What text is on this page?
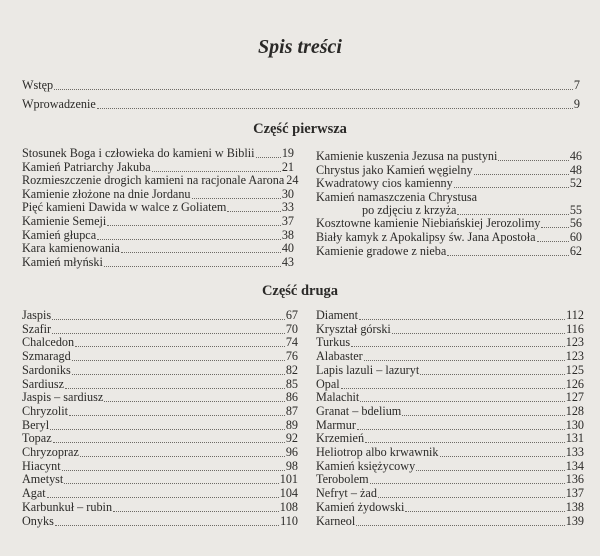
Spis treści
Wstęp	7
Wprowadzenie	9
Część pierwsza
Stosunek Boga i człowieka do kamieni w Biblii 19
Kamień Patriarchy Jakuba	21
Rozmieszczenie drogich kamieni na racjonale Aarona 24
Kamienie złożone na dnie Jordanu	30
Pięć kamieni Dawida w walce z Goliatem	33
Kamienie Semeji	37
Kamień głupca	38
Kara kamienowania	40
Kamień młyński	43
Kamienie kuszenia Jezusa na pustyni	46
Chrystus jako Kamień węgielny	48
Kwadratowy cios kamienny	52
Kamień namaszczenia Chrystusa
po zdjęciu z krzyża	55
Kosztowne kamienie Niebiańskiej Jerozolimy 56
Biały kamyk z Apokalipsy św. Jana Apostoła	60
Kamienie gradowe z nieba	62
Część druga
Jaspis	67
Szafir	70
Chalcedon	74
Szmaragd	76
Sardoniks	82
Sardiusz	85
Jaspis – sardiusz	86
Chryzolit	87
Beryl	89
Topaz	92
Chryzopraz	96
Hiacynt	98
Ametyst	101
Agat	104
Karbunkuł – rubin	108
Onyks	110
Diament	112
Kryształ górski	116
Turkus	123
Alabaster	123
Lapis lazuli – lazuryt	125
Opal	126
Malachit	127
Granat – bdelium	128
Marmur	130
Krzemień	131
Heliotrop albo krwawnik	133
Kamień księżycowy	134
Terobolem	136
Nefryt – żad	137
Kamień żydowski	138
Karneol	139
